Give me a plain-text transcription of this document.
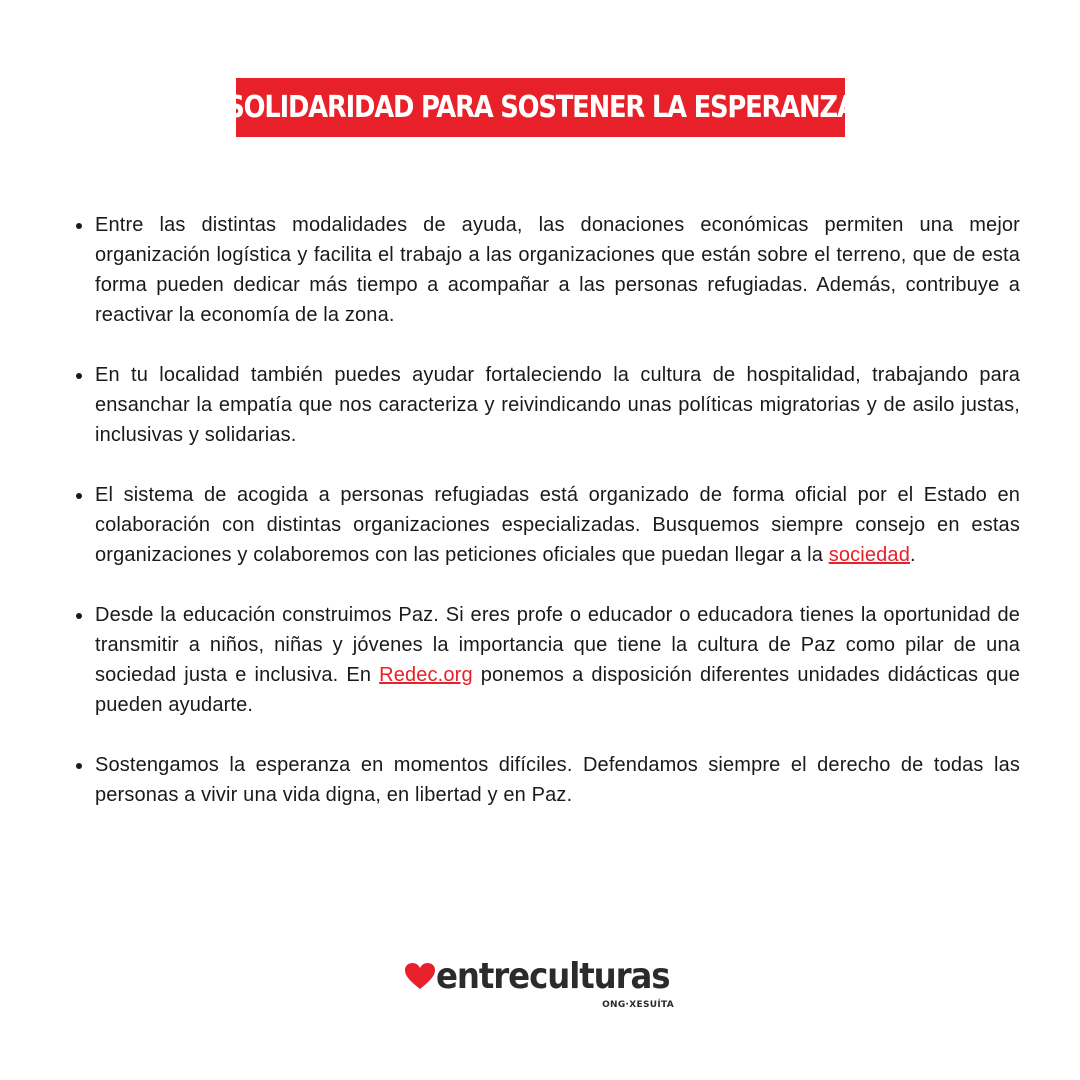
SOLIDARIDAD PARA SOSTENER LA ESPERANZA
Entre las distintas modalidades de ayuda, las donaciones económicas permiten una mejor organización logística y facilita el trabajo a las organizaciones que están sobre el terreno, que de esta forma pueden dedicar más tiempo a acompañar a las personas refugiadas. Además, contribuye a reactivar la economía de la zona.
En tu localidad también puedes ayudar fortaleciendo la cultura de hospitalidad, trabajando para ensanchar la empatía que nos caracteriza y reivindicando unas políticas migratorias y de asilo justas, inclusivas y solidarias.
El sistema de acogida a personas refugiadas está organizado de forma oficial por el Estado en colaboración con distintas organizaciones especializadas. Busquemos siempre consejo en estas organizaciones y colaboremos con las peticiones oficiales que puedan llegar a la sociedad.
Desde la educación construimos Paz. Si eres profe o educador o educadora tienes la oportunidad de transmitir a niños, niñas y jóvenes la importancia que tiene la cultura de Paz como pilar de una sociedad justa e inclusiva. En Redec.org ponemos a disposición diferentes unidades didácticas que pueden ayudarte.
Sostengamos la esperanza en momentos difíciles. Defendamos siempre el derecho de todas las personas a vivir una vida digna, en libertad y en Paz.
entreculturas
ONG·XESUÍTA
